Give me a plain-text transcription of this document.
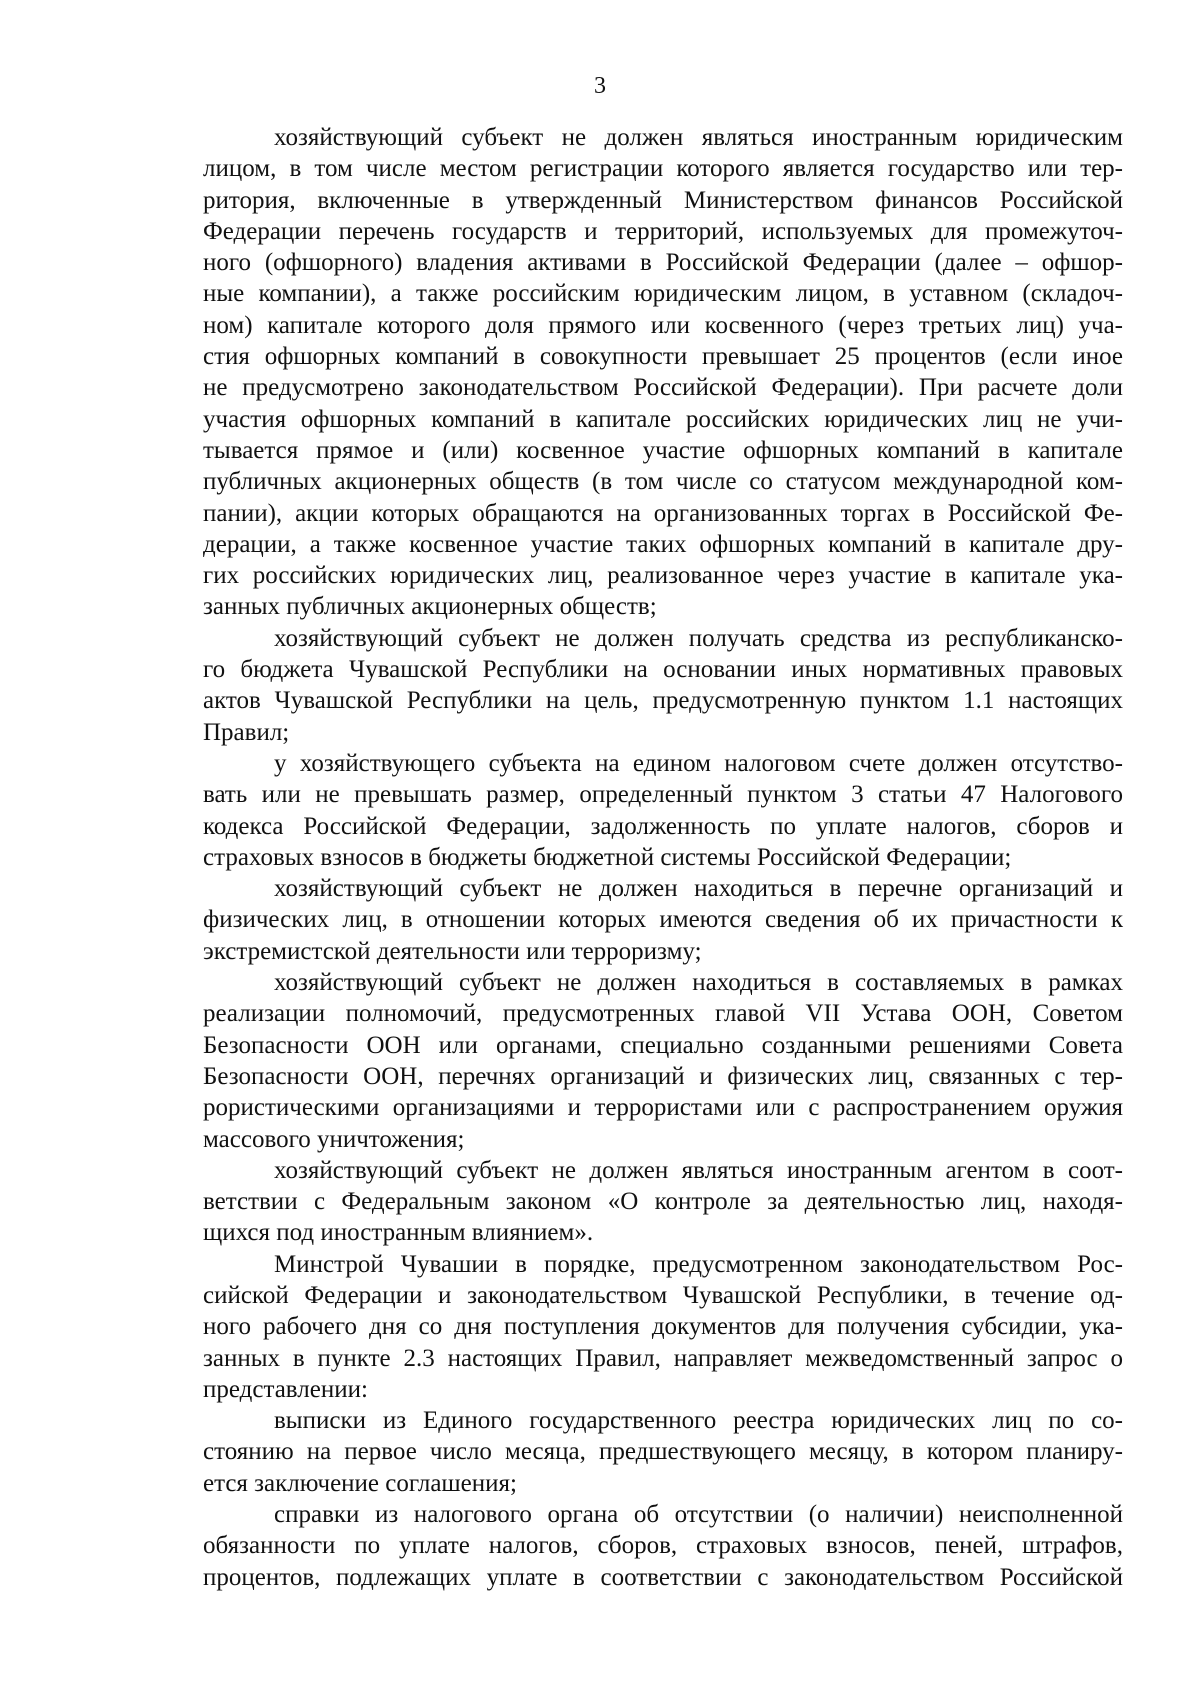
3
хозяйствующий субъект не должен являться иностранным юридическим
лицом, в том числе местом регистрации которого является государство или тер-
ритория, включенные в утвержденный Министерством финансов Российской
Федерации перечень государств и территорий, используемых для промежуточ-
ного (офшорного) владения активами в Российской Федерации (далее – офшор-
ные компании), а также российским юридическим лицом, в уставном (складоч-
ном) капитале которого доля прямого или косвенного (через третьих лиц) уча-
стия офшорных компаний в совокупности превышает 25 процентов (если иное
не предусмотрено законодательством Российской Федерации). При расчете доли
участия офшорных компаний в капитале российских юридических лиц не учи-
тывается прямое и (или) косвенное участие офшорных компаний в капитале
публичных акционерных обществ (в том числе со статусом международной ком-
пании), акции которых обращаются на организованных торгах в Российской Фе-
дерации, а также косвенное участие таких офшорных компаний в капитале дру-
гих российских юридических лиц, реализованное через участие в капитале ука-
занных публичных акционерных обществ;
хозяйствующий субъект не должен получать средства из республиканско-
го бюджета Чувашской Республики на основании иных нормативных правовых
актов Чувашской Республики на цель, предусмотренную пунктом 1.1 настоящих
Правил;
у хозяйствующего субъекта на едином налоговом счете должен отсутство-
вать или не превышать размер, определенный пунктом 3 статьи 47 Налогового
кодекса Российской Федерации, задолженность по уплате налогов, сборов и
страховых взносов в бюджеты бюджетной системы Российской Федерации;
хозяйствующий субъект не должен находиться в перечне организаций и
физических лиц, в отношении которых имеются сведения об их причастности к
экстремистской деятельности или терроризму;
хозяйствующий субъект не должен находиться в составляемых в рамках
реализации полномочий, предусмотренных главой VII Устава ООН, Советом
Безопасности ООН или органами, специально созданными решениями Совета
Безопасности ООН, перечнях организаций и физических лиц, связанных с тер-
рористическими организациями и террористами или с распространением оружия
массового уничтожения;
хозяйствующий субъект не должен являться иностранным агентом в соот-
ветствии с Федеральным законом «О контроле за деятельностью лиц, находя-
щихся под иностранным влиянием».
Минстрой Чувашии в порядке, предусмотренном законодательством Рос-
сийской Федерации и законодательством Чувашской Республики, в течение од-
ного рабочего дня со дня поступления документов для получения субсидии, ука-
занных в пункте 2.3 настоящих Правил, направляет межведомственный запрос о
представлении:
выписки из Единого государственного реестра юридических лиц по со-
стоянию на первое число месяца, предшествующего месяцу, в котором планиру-
ется заключение соглашения;
справки из налогового органа об отсутствии (о наличии) неисполненной
обязанности по уплате налогов, сборов, страховых взносов, пеней, штрафов,
процентов, подлежащих уплате в соответствии с законодательством Российской
